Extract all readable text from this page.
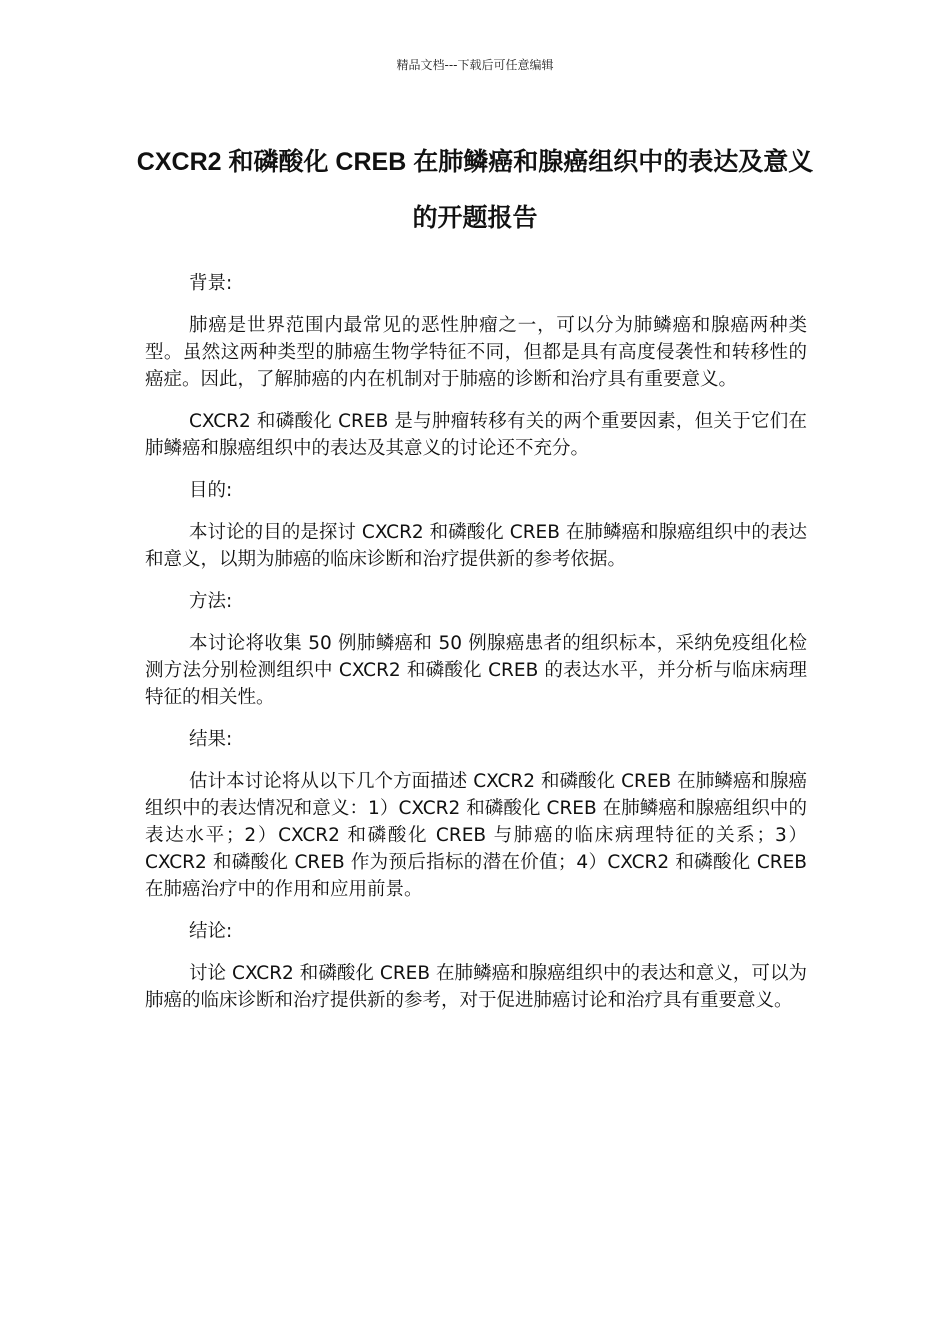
精品文档---下载后可任意编辑
CXCR2 和磷酸化 CREB 在肺鳞癌和腺癌组织中的表达及意义的开题报告

背景:

肺癌是世界范围内最常见的恶性肿瘤之一，可以分为肺鳞癌和腺癌两种类型。虽然这两种类型的肺癌生物学特征不同，但都是具有高度侵袭性和转移性的癌症。因此，了解肺癌的内在机制对于肺癌的诊断和治疗具有重要意义。

CXCR2 和磷酸化 CREB 是与肿瘤转移有关的两个重要因素，但关于它们在肺鳞癌和腺癌组织中的表达及其意义的讨论还不充分。

目的:

本讨论的目的是探讨 CXCR2 和磷酸化 CREB 在肺鳞癌和腺癌组织中的表达和意义，以期为肺癌的临床诊断和治疗提供新的参考依据。

方法:

本讨论将收集 50 例肺鳞癌和 50 例腺癌患者的组织标本，采纳免疫组化检测方法分别检测组织中 CXCR2 和磷酸化 CREB 的表达水平，并分析与临床病理特征的相关性。

结果:

估计本讨论将从以下几个方面描述 CXCR2 和磷酸化 CREB 在肺鳞癌和腺癌组织中的表达情况和意义：1）CXCR2 和磷酸化 CREB 在肺鳞癌和腺癌组织中的表达水平；2）CXCR2 和磷酸化 CREB 与肺癌的临床病理特征的关系；3）CXCR2 和磷酸化 CREB 作为预后指标的潜在价值；4）CXCR2 和磷酸化 CREB 在肺癌治疗中的作用和应用前景。

结论:

讨论 CXCR2 和磷酸化 CREB 在肺鳞癌和腺癌组织中的表达和意义，可以为肺癌的临床诊断和治疗提供新的参考，对于促进肺癌讨论和治疗具有重要意义。
